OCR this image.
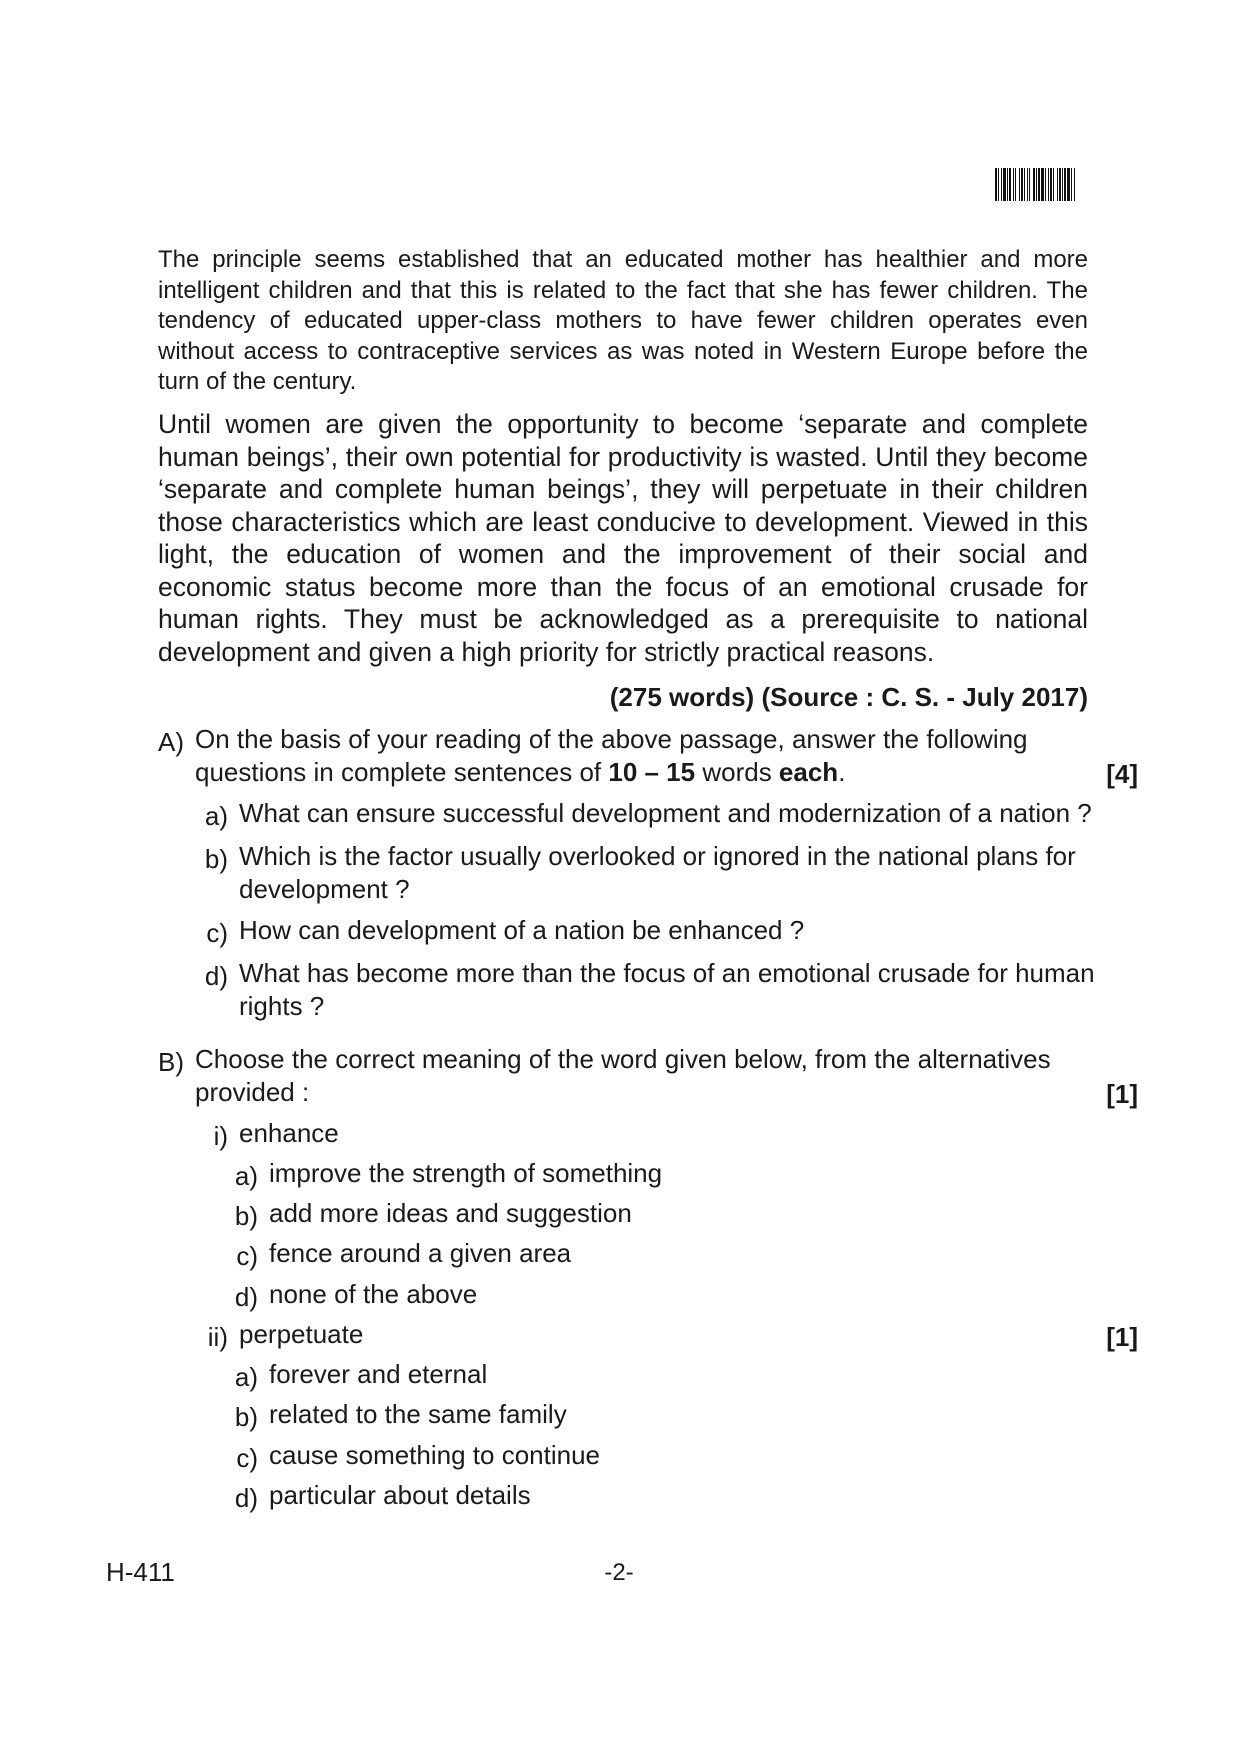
The principle seems established that an educated mother has healthier and more intelligent children and that this is related to the fact that she has fewer children. The tendency of educated upper-class mothers to have fewer children operates even without access to contraceptive services as was noted in Western Europe before the turn of the century.
Until women are given the opportunity to become ‘separate and complete human beings’, their own potential for productivity is wasted. Until they become ‘separate and complete human beings’, they will perpetuate in their children those characteristics which are least conducive to development. Viewed in this light, the education of women and the improvement of their social and economic status become more than the focus of an emotional crusade for human rights. They must be acknowledged as a prerequisite to national development and given a high priority for strictly practical reasons.
(275 words) (Source : C. S. - July 2017)
A) On the basis of your reading of the above passage, answer the following
questions in complete sentences of 10 – 15 words each.	[4]
a) What can ensure successful development and modernization of a nation ?
b) Which is the factor usually overlooked or ignored in the national plans for
development ?
c) How can development of a nation be enhanced ?
d) What has become more than the focus of an emotional crusade for human
rights ?
B) Choose the correct meaning of the word given below, from the alternatives
provided :	[1]
i) enhance
a) improve the strength of something
b) add more ideas and suggestion
c) fence around a given area
d) none of the above
ii) perpetuate	[1]
a) forever and eternal
b) related to the same family
c) cause something to continue
d) particular about details
H-411	-2-
